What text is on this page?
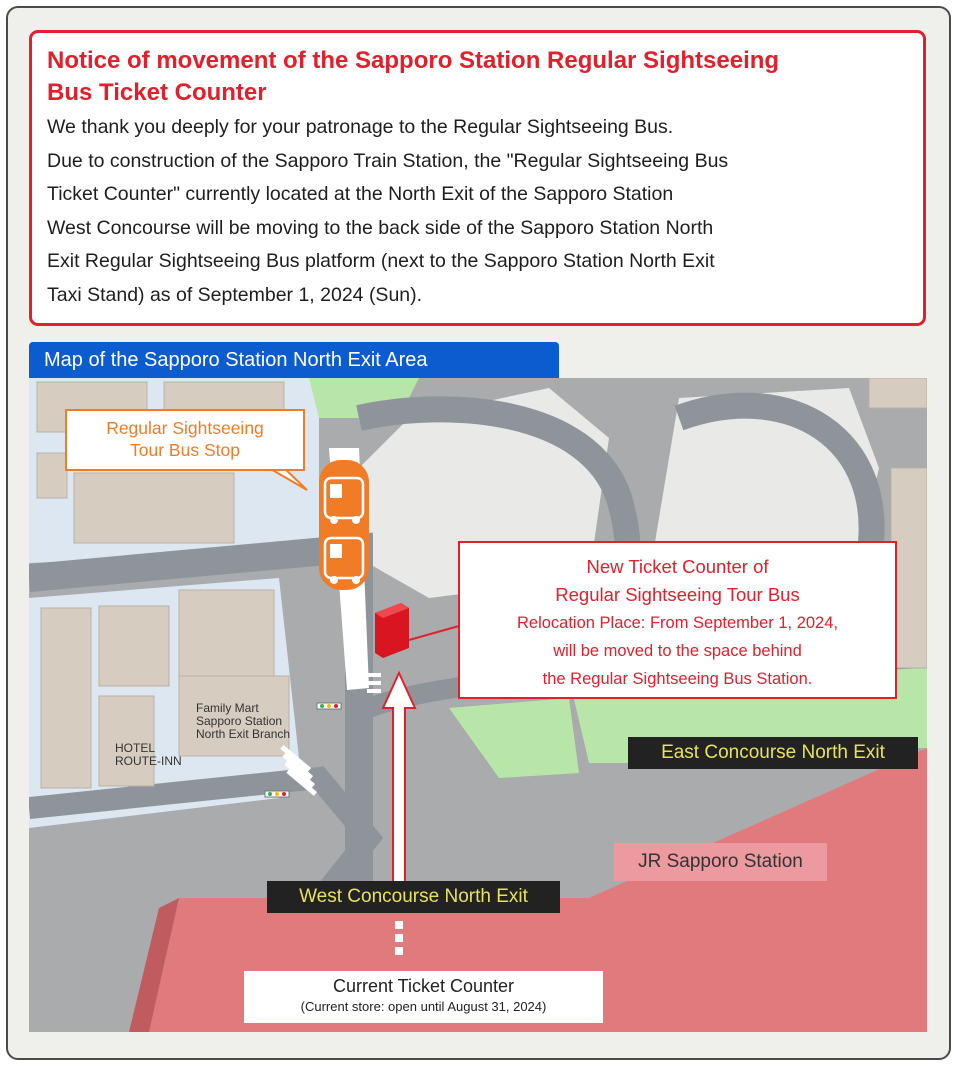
Notice of movement of the Sapporo Station Regular Sightseeing
Bus Ticket Counter
We thank you deeply for your patronage to the Regular Sightseeing Bus.
Due to construction of the Sapporo Train Station, the "Regular Sightseeing Bus
Ticket Counter" currently located at the North Exit of the Sapporo Station
West Concourse will be moving to the back side of the Sapporo Station North
Exit Regular Sightseeing Bus platform (next to the Sapporo Station North Exit
Taxi Stand) as of September 1, 2024 (Sun).
Map of the Sapporo Station North Exit Area
Regular Sightseeing
Tour Bus Stop

New Ticket Counter of

Regular Sightseeing Tour Bus

Relocation Place: From September 1, 2024,

will be moved to the space behind

the Regular Sightseeing Bus Station.

Family Mart
Sapporo Station
North Exit Branch
HOTEL
ROUTE-INN	East Concourse North Exit
West Concourse North Exit
JR Sapporo Station
Current Ticket Counter
(Current store: open until August 31, 2024)
